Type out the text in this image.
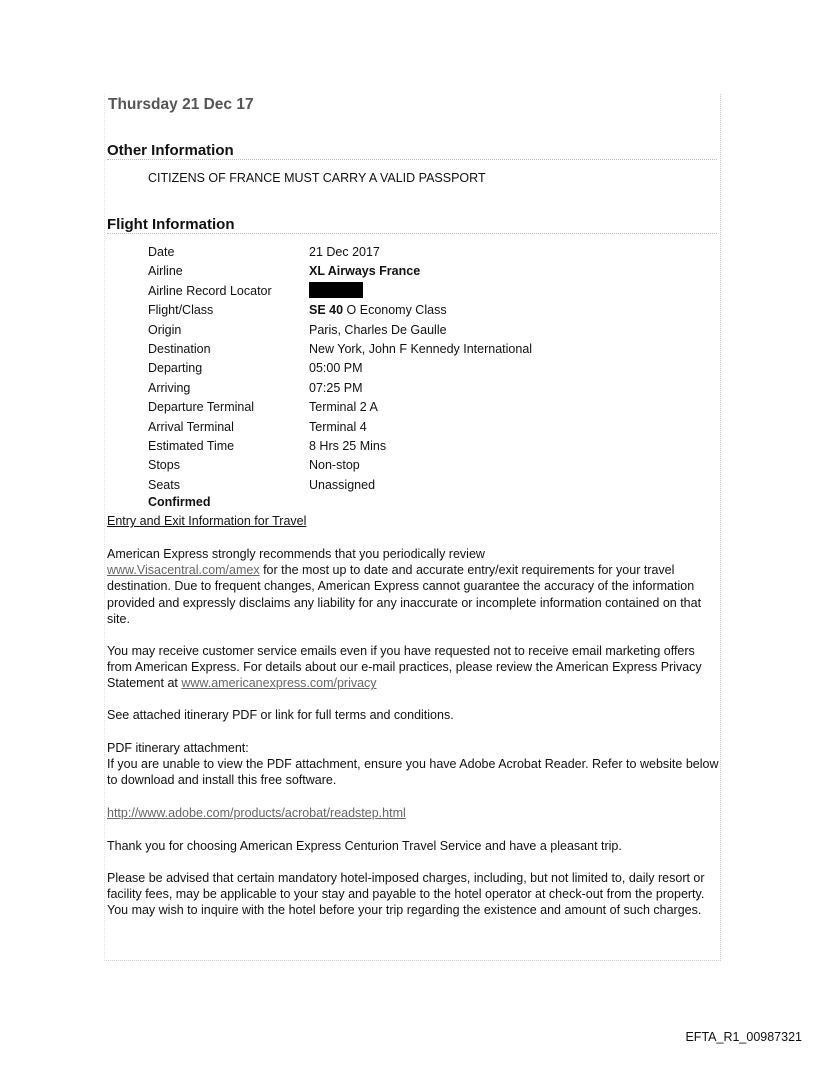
Thursday 21 Dec 17
Other Information
CITIZENS OF FRANCE MUST CARRY A VALID PASSPORT
Flight Information
Date	21 Dec 2017
Airline	XL Airways France
Airline Record Locator
Flight/Class	SE 40 O Economy Class
Origin	Paris, Charles De Gaulle
Destination	New York, John F Kennedy International
Departing	05:00 PM
Arriving	07:25 PM
Departure Terminal	Terminal 2 A
Arrival Terminal	Terminal 4
Estimated Time	8 Hrs 25 Mins
Stops	Non-stop
Seats	Unassigned
Confirmed
Entry and Exit Information for Travel

American Express strongly recommends that you periodically review
www.Visacentral.com/amex for the most up to date and accurate entry/exit requirements for your travel destination. Due to frequent changes, American Express cannot guarantee the accuracy of the information provided and expressly disclaims any liability for any inaccurate or incomplete information contained on that site.

You may receive customer service emails even if you have requested not to receive email marketing offers from American Express. For details about our e-mail practices, please review the American Express Privacy Statement at www.americanexpress.com/privacy

See attached itinerary PDF or link for full terms and conditions.

PDF itinerary attachment:
If you are unable to view the PDF attachment, ensure you have Adobe Acrobat Reader. Refer to website below to download and install this free software.

http://www.adobe.com/products/acrobat/readstep.html

Thank you for choosing American Express Centurion Travel Service and have a pleasant trip.

Please be advised that certain mandatory hotel-imposed charges, including, but not limited to, daily resort or facility fees, may be applicable to your stay and payable to the hotel operator at check-out from the property. You may wish to inquire with the hotel before your trip regarding the existence and amount of such charges.

EFTA_R1_00987321
